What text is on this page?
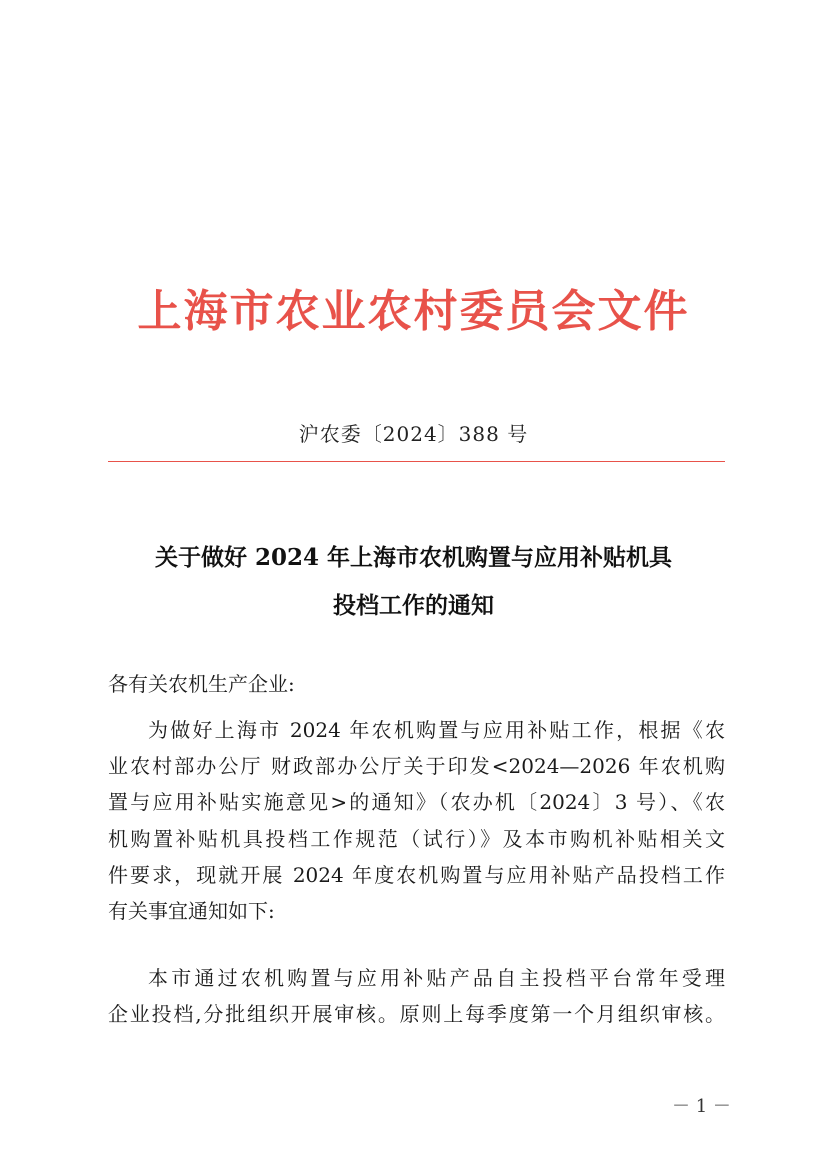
上海市农业农村委员会文件
沪农委〔2024〕388 号
关于做好 2024 年上海市农机购置与应用补贴机具
投档工作的通知
各有关农机生产企业:
为做好上海市 2024 年农机购置与应用补贴工作，根据《农
业农村部办公厅 财政部办公厅关于印发<2024—2026 年农机购
置与应用补贴实施意见>的通知》（农办机〔2024〕3 号）、《农
机购置补贴机具投档工作规范（试行）》及本市购机补贴相关文
件要求，现就开展 2024 年度农机购置与应用补贴产品投档工作
有关事宜通知如下:
本市通过农机购置与应用补贴产品自主投档平台常年受理
企业投档,分批组织开展审核。原则上每季度第一个月组织审核。
－ 1 －
